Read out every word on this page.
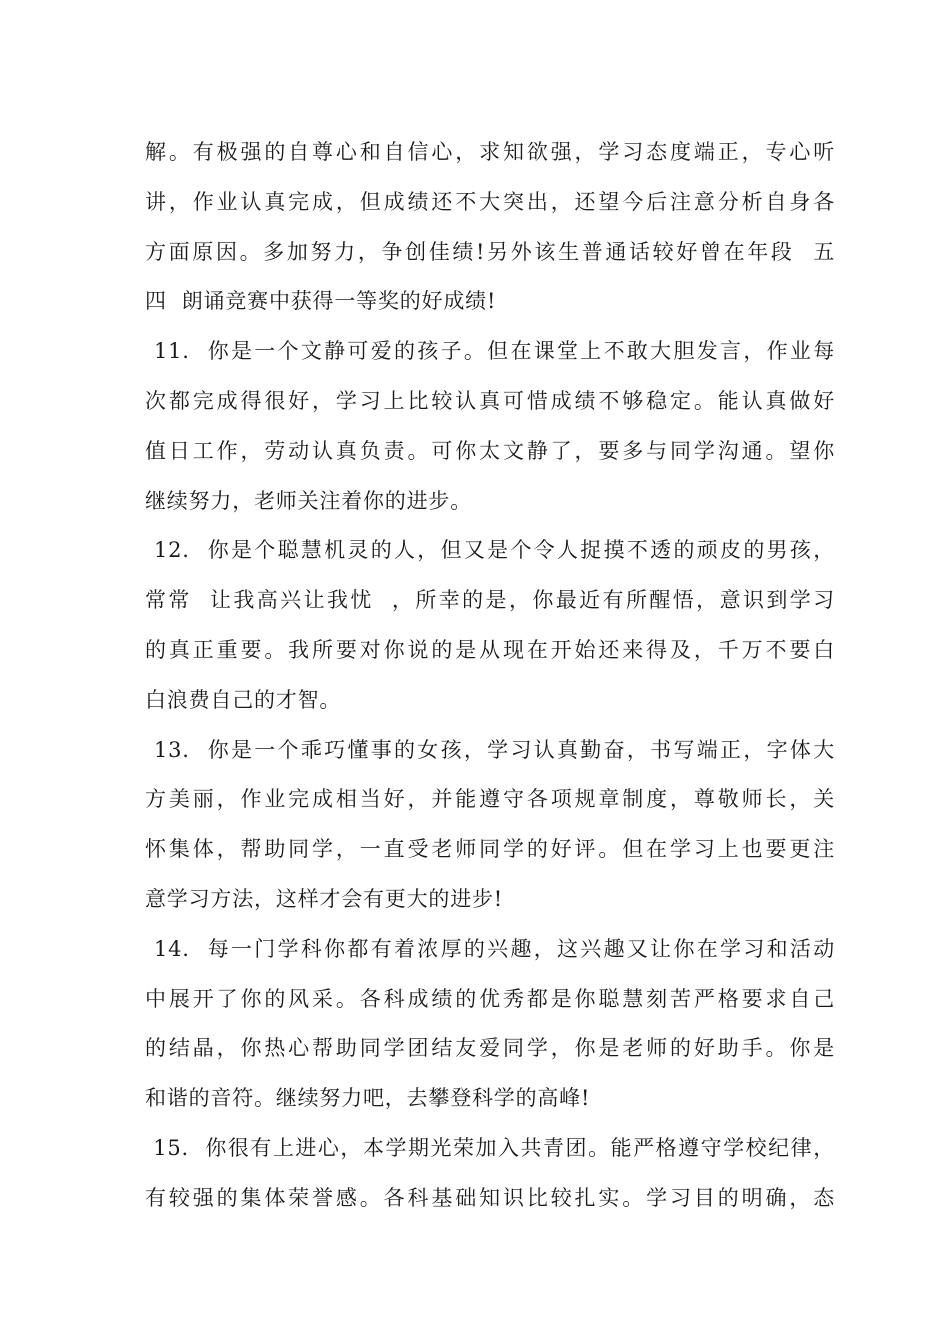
解。有极强的自尊心和自信心，求知欲强，学习态度端正，专心听
讲，作业认真完成，但成绩还不大突出，还望今后注意分析自身各
方面原因。多加努力，争创佳绩!另外该生普通话较好曾在年段  五
四  朗诵竞赛中获得一等奖的好成绩!
11.  你是一个文静可爱的孩子。但在课堂上不敢大胆发言，作业每
次都完成得很好，学习上比较认真可惜成绩不够稳定。能认真做好
值日工作，劳动认真负责。可你太文静了，要多与同学沟通。望你
继续努力，老师关注着你的进步。
12.  你是个聪慧机灵的人，但又是个令人捉摸不透的顽皮的男孩，
常常  让我高兴让我忧  ，所幸的是，你最近有所醒悟，意识到学习
的真正重要。我所要对你说的是从现在开始还来得及，千万不要白
白浪费自己的才智。
13.  你是一个乖巧懂事的女孩，学习认真勤奋，书写端正，字体大
方美丽，作业完成相当好，并能遵守各项规章制度，尊敬师长，关
怀集体，帮助同学，一直受老师同学的好评。但在学习上也要更注
意学习方法，这样才会有更大的进步!
14.  每一门学科你都有着浓厚的兴趣，这兴趣又让你在学习和活动
中展开了你的风采。各科成绩的优秀都是你聪慧刻苦严格要求自己
的结晶，你热心帮助同学团结友爱同学，你是老师的好助手。你是
和谐的音符。继续努力吧，去攀登科学的高峰!
15.  你很有上进心，本学期光荣加入共青团。能严格遵守学校纪律，
有较强的集体荣誉感。各科基础知识比较扎实。学习目的明确，态
